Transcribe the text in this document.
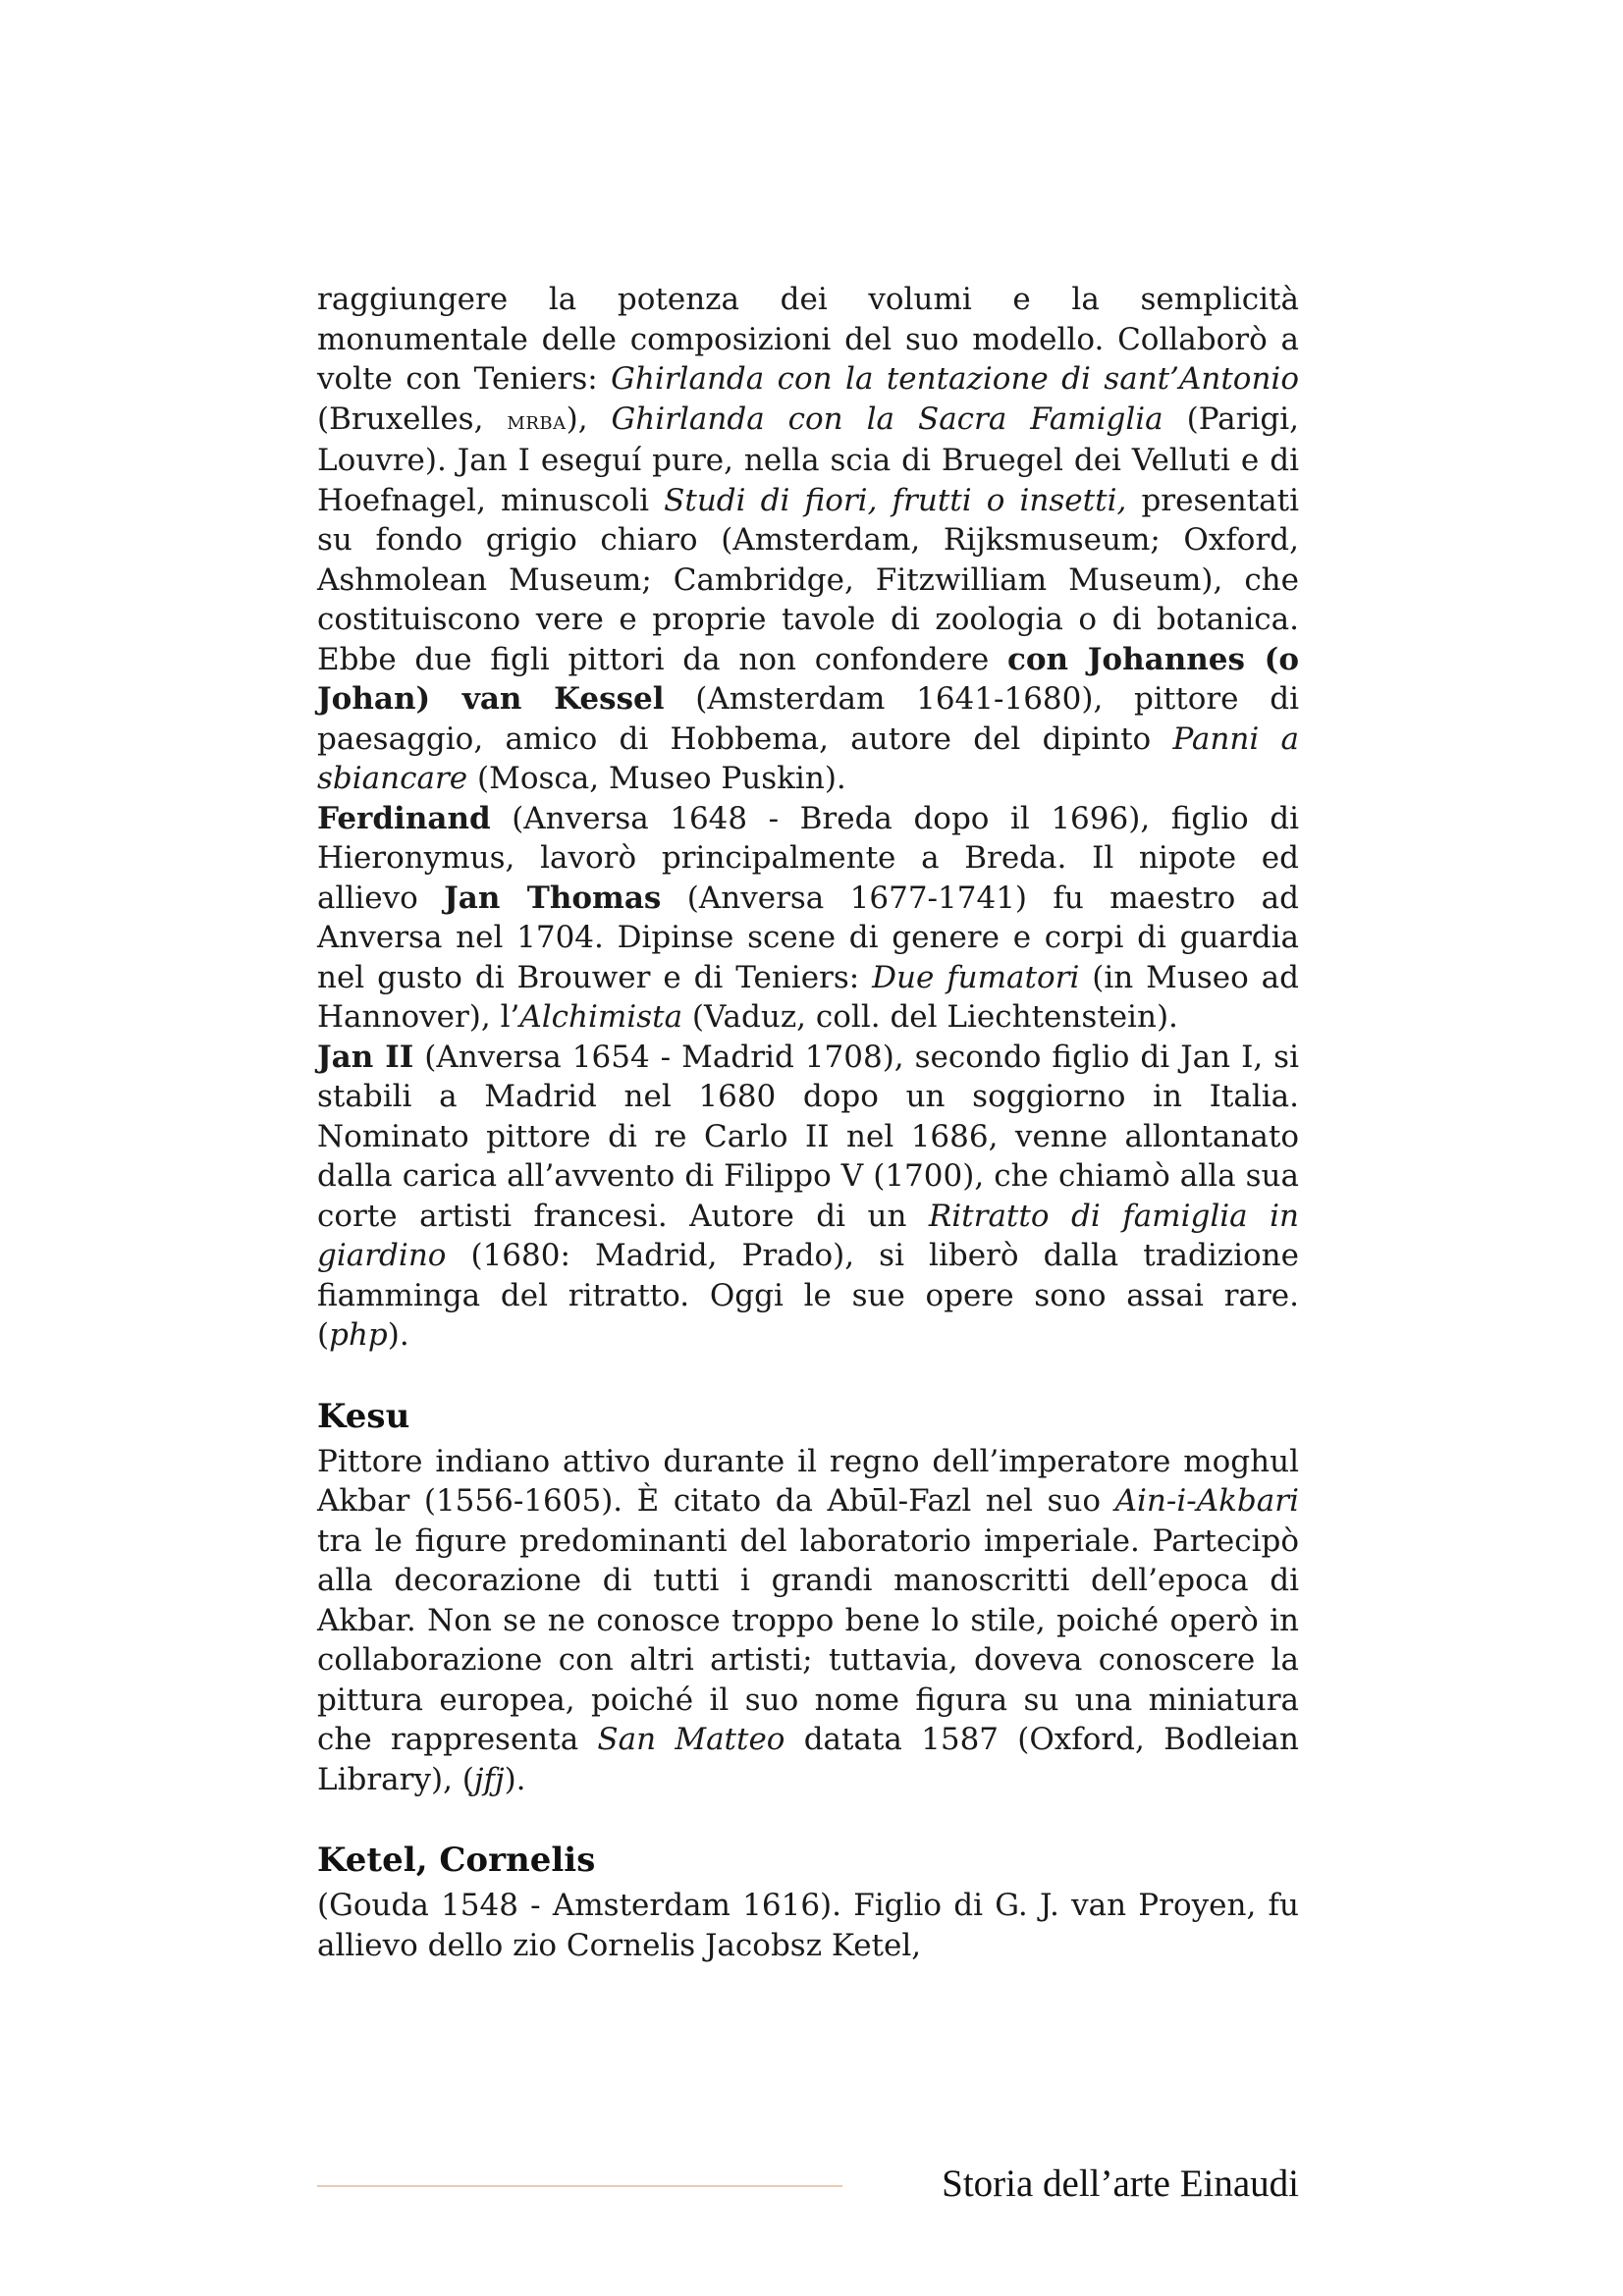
raggiungere la potenza dei volumi e la semplicità monumentale delle composizioni del suo modello. Collaborò a volte con Teniers: Ghirlanda con la tentazione di sant’Antonio (Bruxelles, mrba), Ghirlanda con la Sacra Famiglia (Parigi, Louvre). Jan I eseguí pure, nella scia di Bruegel dei Velluti e di Hoefnagel, minuscoli Studi di fiori, frutti o insetti, presentati su fondo grigio chiaro (Amsterdam, Rijksmuseum; Oxford, Ashmolean Museum; Cambridge, Fitzwilliam Museum), che costituiscono vere e proprie tavole di zoologia o di botanica. Ebbe due figli pittori da non confondere con Johannes (o Johan) van Kessel (Amsterdam 1641-1680), pittore di paesaggio, amico di Hobbema, autore del dipinto Panni a sbiancare (Mosca, Museo Puskin).

Ferdinand (Anversa 1648 - Breda dopo il 1696), figlio di Hieronymus, lavorò principalmente a Breda. Il nipote ed allievo Jan Thomas (Anversa 1677-1741) fu maestro ad Anversa nel 1704. Dipinse scene di genere e corpi di guardia nel gusto di Brouwer e di Teniers: Due fumatori (in Museo ad Hannover), l’Alchimista (Vaduz, coll. del Liechtenstein).

Jan II (Anversa 1654 - Madrid 1708), secondo figlio di Jan I, si stabili a Madrid nel 1680 dopo un soggiorno in Italia. Nominato pittore di re Carlo II nel 1686, venne allontanato dalla carica all’avvento di Filippo V (1700), che chiamò alla sua corte artisti francesi. Autore di un Ritratto di famiglia in giardino (1680: Madrid, Prado), si liberò dalla tradizione fiamminga del ritratto. Oggi le sue opere sono assai rare. (php).

Kesu

Pittore indiano attivo durante il regno dell’imperatore moghul Akbar (1556-1605). È citato da Abūl-Fazl nel suo Ain-i-Akbari tra le figure predominanti del laboratorio imperiale. Partecipò alla decorazione di tutti i grandi manoscritti dell’epoca di Akbar. Non se ne conosce troppo bene lo stile, poiché operò in collaborazione con altri artisti; tuttavia, doveva conoscere la pittura europea, poiché il suo nome figura su una miniatura che rappresenta San Matteo datata 1587 (Oxford, Bodleian Library), (jfj).

Ketel, Cornelis

(Gouda 1548 - Amsterdam 1616). Figlio di G. J. van Proyen, fu allievo dello zio Cornelis Jacobsz Ketel,

Storia dell’arte Einaudi
